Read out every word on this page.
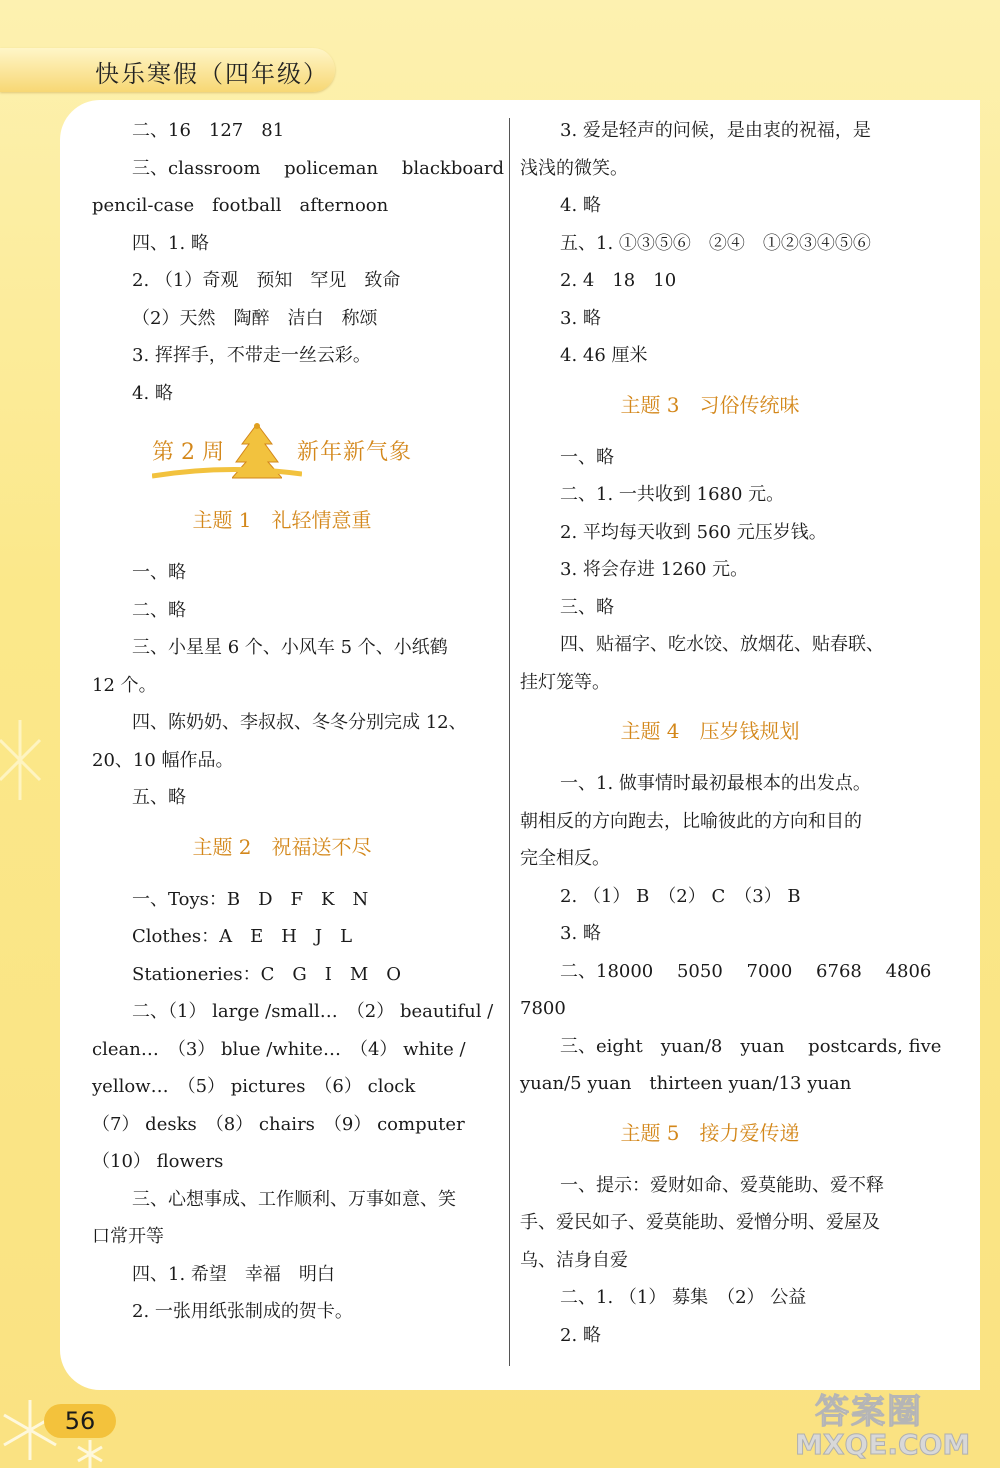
快乐寒假（四年级）
二、16　127　81
三、classroom　 policeman　 blackboard
pencil-case　football　afternoon
四、1. 略
2. （1）奇观　预知　罕见　致命
（2）天然　陶醉　洁白　称颂
3. 挥挥手，不带走一丝云彩。
4. 略
第 2 周	新年新气象
主题 1　礼轻情意重
一、略
二、略
三、小星星 6 个、小风车 5 个、小纸鹤
12 个。
四、陈奶奶、李叔叔、冬冬分别完成 12、
20、10 幅作品。
五、略
主题 2　祝福送不尽
一、Toys：B　D　F　K　N
Clothes：A　E　H　J　L
Stationeries：C　G　I　M　O
二、（1） large /small…　（2） beautiful /
clean…　（3） blue /white…　（4） white /
yellow…　（5） pictures　（6） clock
（7） desks　（8） chairs　（9） computer
（10） flowers
三、心想事成、工作顺利、万事如意、笑
口常开等
四、1. 希望　幸福　明白
2. 一张用纸张制成的贺卡。
3. 爱是轻声的问候，是由衷的祝福，是
浅浅的微笑。
4. 略
五、1. ①③⑤⑥　②④　①②③④⑤⑥
2. 4　18　10
3. 略
4. 46 厘米
主题 3　习俗传统味
一、略
二、1. 一共收到 1680 元。
2. 平均每天收到 560 元压岁钱。
3. 将会存进 1260 元。
三、略
四、贴福字、吃水饺、放烟花、贴春联、
挂灯笼等。
主题 4　压岁钱规划
一、1. 做事情时最初最根本的出发点。
朝相反的方向跑去，比喻彼此的方向和目的
完全相反。
2. （1） B　（2） C　（3） B
3. 略
二、18000　 5050　 7000　 6768　 4806
7800
三、eight　yuan/8　yuan　 postcards, five
yuan/5 yuan　thirteen yuan/13 yuan
主题 5　接力爱传递
一、提示：爱财如命、爱莫能助、爱不释
手、爱民如子、爱莫能助、爱憎分明、爱屋及
乌、洁身自爱
二、1. （1） 募集　（2） 公益
2. 略
56	答案圈
MXQE.COM
